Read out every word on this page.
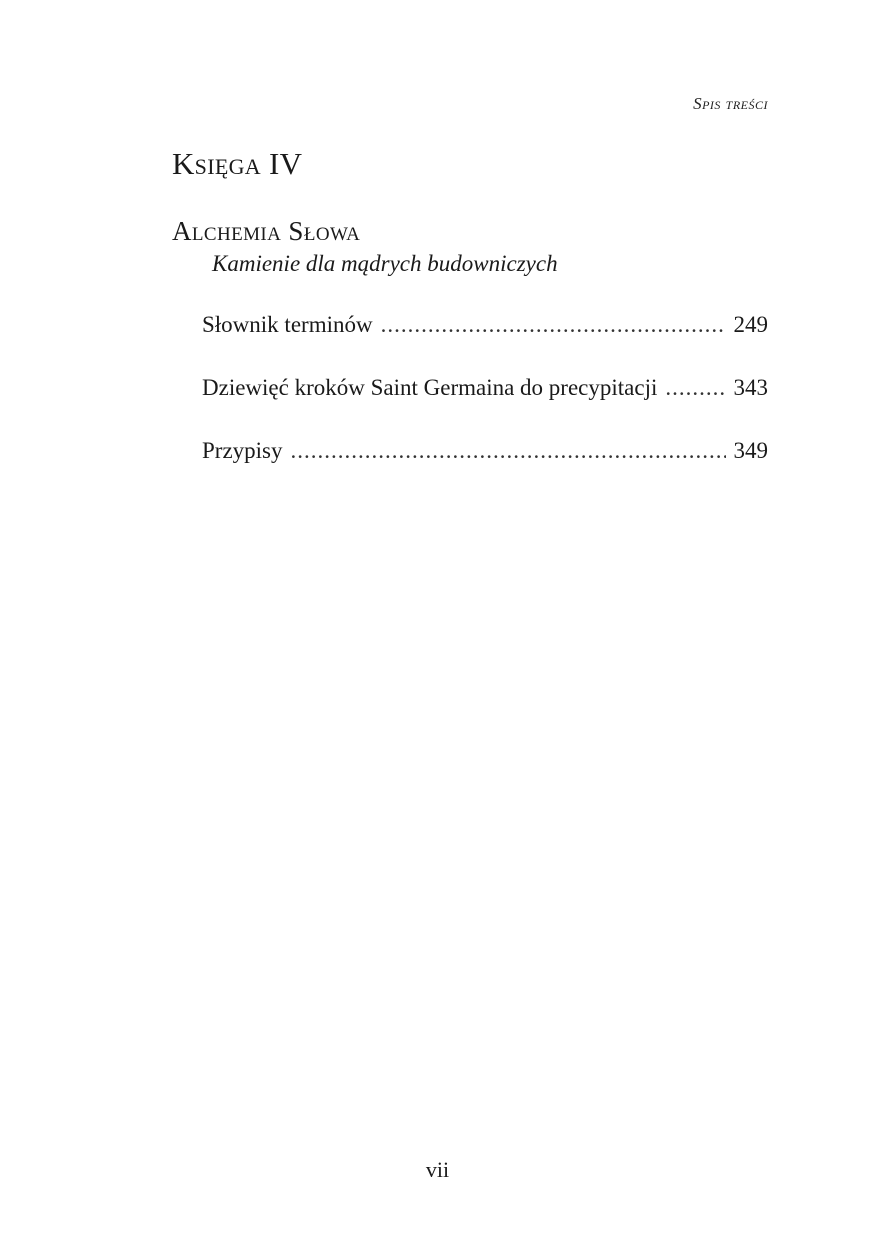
Spis treści
Księga IV
Alchemia Słowa
Kamienie dla mądrych budowniczych
Słownik terminów .....	249
Dziewięć kroków Saint Germaina do precypitacji .....	343
Przypisy .....	349
vii
